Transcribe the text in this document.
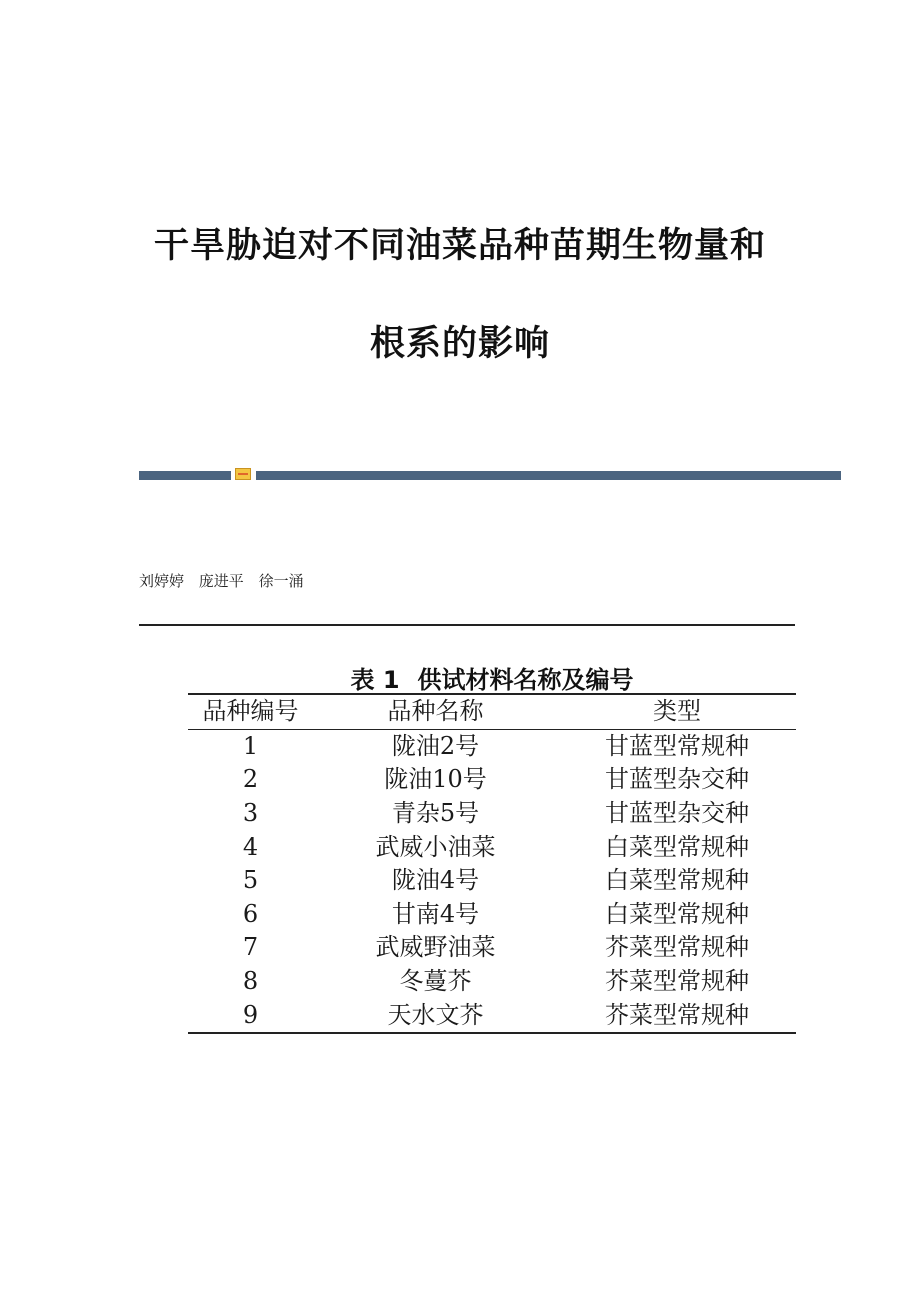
干旱胁迫对不同油菜品种苗期生物量和
根系的影响
刘婷婷 庞进平 徐一涌
表 1 供试材料名称及编号
品种编号	品种名称	类型
1	陇油2号	甘蓝型常规种
2	陇油10号	甘蓝型杂交种
3	青杂5号	甘蓝型杂交种
4	武威小油菜	白菜型常规种
5	陇油4号	白菜型常规种
6	甘南4号	白菜型常规种
7	武威野油菜	芥菜型常规种
8	冬蔓芥	芥菜型常规种
9	天水文芥	芥菜型常规种
